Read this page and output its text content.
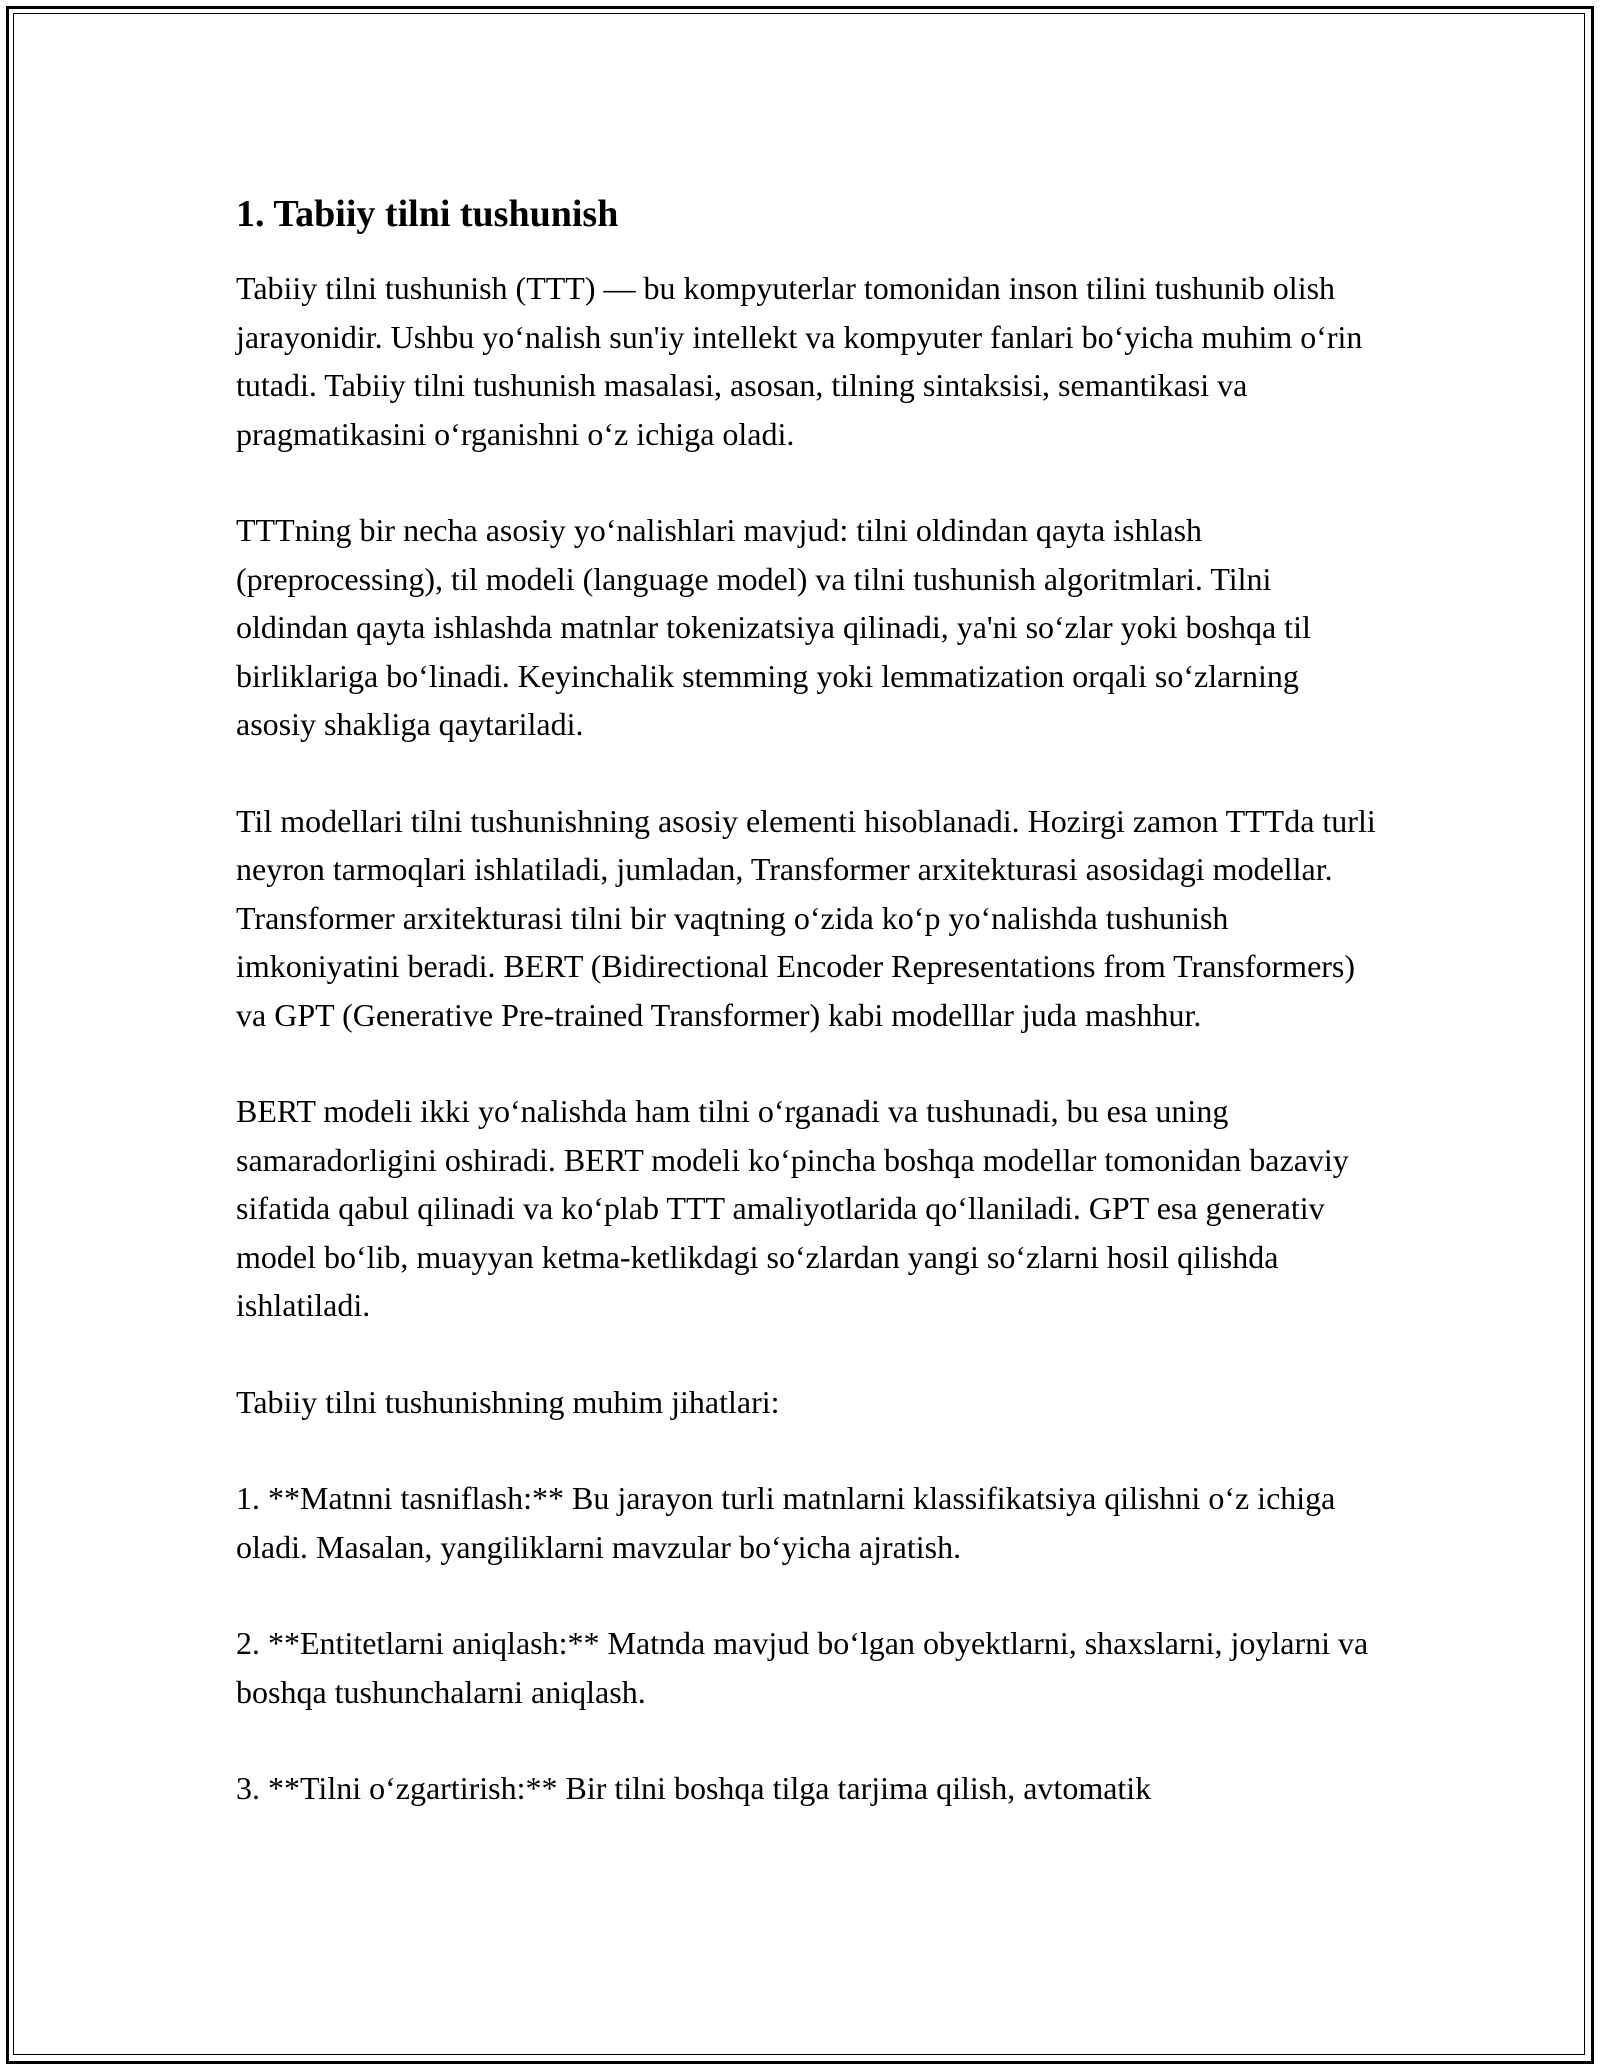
1. Tabiiy tilni tushunish

Tabiiy tilni tushunish (TTT) — bu kompyuterlar tomonidan inson tilini tushunib olish jarayonidir. Ushbu yo‘nalish sun'iy intellekt va kompyuter fanlari bo‘yicha muhim o‘rin tutadi. Tabiiy tilni tushunish masalasi, asosan, tilning sintaksisi, semantikasi va pragmatikasini o‘rganishni o‘z ichiga oladi.

TTTning bir necha asosiy yo‘nalishlari mavjud: tilni oldindan qayta ishlash (preprocessing), til modeli (language model) va tilni tushunish algoritmlari. Tilni oldindan qayta ishlashda matnlar tokenizatsiya qilinadi, ya'ni so‘zlar yoki boshqa til birliklariga bo‘linadi. Keyinchalik stemming yoki lemmatization orqali so‘zlarning asosiy shakliga qaytariladi.

Til modellari tilni tushunishning asosiy elementi hisoblanadi. Hozirgi zamon TTTda turli neyron tarmoqlari ishlatiladi, jumladan, Transformer arxitekturasi asosidagi modellar. Transformer arxitekturasi tilni bir vaqtning o‘zida ko‘p yo‘nalishda tushunish imkoniyatini beradi. BERT (Bidirectional Encoder Representations from Transformers) va GPT (Generative Pre-trained Transformer) kabi modelllar juda mashhur.

BERT modeli ikki yo‘nalishda ham tilni o‘rganadi va tushunadi, bu esa uning samaradorligini oshiradi. BERT modeli ko‘pincha boshqa modellar tomonidan bazaviy sifatida qabul qilinadi va ko‘plab TTT amaliyotlarida qo‘llaniladi. GPT esa generativ model bo‘lib, muayyan ketma-ketlikdagi so‘zlardan yangi so‘zlarni hosil qilishda ishlatiladi.

Tabiiy tilni tushunishning muhim jihatlari:

1. **Matnni tasniflash:** Bu jarayon turli matnlarni klassifikatsiya qilishni o‘z ichiga oladi. Masalan, yangiliklarni mavzular bo‘yicha ajratish.

2. **Entitetlarni aniqlash:** Matnda mavjud bo‘lgan obyektlarni, shaxslarni, joylarni va boshqa tushunchalarni aniqlash.

3. **Tilni o‘zgartirish:** Bir tilni boshqa tilga tarjima qilish, avtomatik
